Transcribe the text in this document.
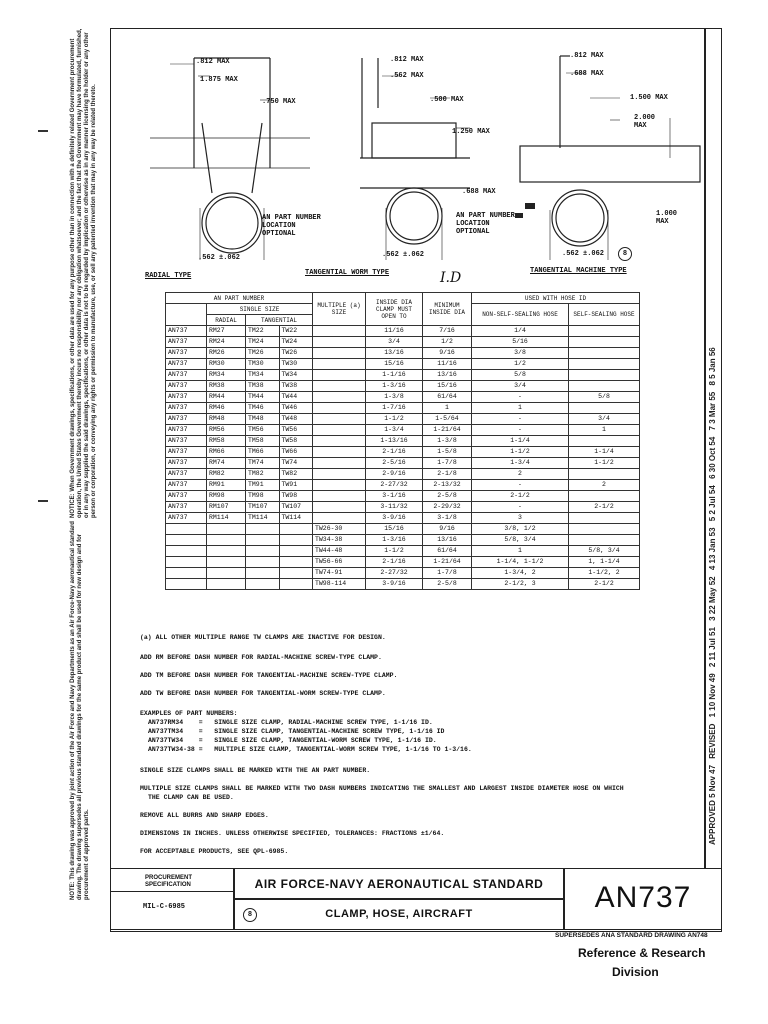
NOTICE: When Government drawings, specifications, or other data are used for any purpose other than in connection with a definitely related Government procurement operation, the United States Government thereby incurs no responsibility nor any obligation whatsoever; and the fact that the Government may have formulated, furnished, or in any way supplied the said drawings, specifications, or other data is not to be regarded by implication or otherwise as in any manner licensing the holder or any other person or corporation, or conveying any rights or permission to manufacture, use, or sell any patented invention that may in any way be related thereto.
NOTE: This drawing was approved by joint action of the Air Force and Navy Departments as an Air Force-Navy aeronautical standard drawing. The drawing supersedes all previous standard drawings for the same product and shall be used for new design and for procurement of approved parts.
APPROVED 5 Nov 47 REVISED 1 10 Nov 49 2 11 Jul 51 3 22 May 52 4 13 Jan 53 5 2 Jul 54 6 30 Oct 54 7 3 Mar 55 8 5 Jan 56
.812 MAX
1.875 MAX
.750 MAX
.562 ±.062
RADIAL TYPE
.812 MAX
.562 MAX
.500 MAX
1.250 MAX
.688 MAX
.562 ±.062
AN PART NUMBER LOCATION OPTIONAL
TANGENTIAL WORM TYPE
.812 MAX
.688 MAX
1.500 MAX
2.000 MAX
1.000 MAX
.562 ±.062	8
AN PART NUMBER LOCATION OPTIONAL
TANGENTIAL MACHINE TYPE
I.D
AN PART NUMBER				MULTIPLE (a) SIZE	INSIDE DIA CLAMP MUST OPEN TO	MINIMUM INSIDE DIA	USED WITH HOSE ID	
	SINGLE SIZE						NON-SELF-SEALING HOSE	SELF-SEALING HOSE
	RADIAL	TANGENTIAL						
AN737	RM27	TM22	TW22		11/16	7/16	1/4	
AN737	RM24	TM24	TW24		3/4	1/2	5/16	
AN737	RM26	TM26	TW26		13/16	9/16	3/8	
AN737	RM30	TM30	TW30		15/16	11/16	1/2	
AN737	RM34	TM34	TW34		1-1/16	13/16	5/8	
AN737	RM38	TM38	TW38		1-3/16	15/16	3/4	
AN737	RM44	TM44	TW44		1-3/8	61/64	-	5/8
AN737	RM46	TM46	TW46		1-7/16	1	1	
AN737	RM48	TM48	TW48		1-1/2	1-5/64	-	3/4
AN737	RM56	TM56	TW56		1-3/4	1-21/64	-	1
AN737	RM58	TM58	TW58		1-13/16	1-3/8	1-1/4	
AN737	RM66	TM66	TW66		2-1/16	1-5/8	1-1/2	1-1/4
AN737	RM74	TM74	TW74		2-5/16	1-7/8	1-3/4	1-1/2
AN737	RM82	TM82	TW82		2-9/16	2-1/8	2	
AN737	RM91	TM91	TW91		2-27/32	2-13/32	-	2
AN737	RM98	TM98	TW98		3-1/16	2-5/8	2-1/2	
AN737	RM107	TM107	TW107		3-11/32	2-29/32	-	2-1/2
AN737	RM114	TM114	TW114		3-9/16	3-1/8	3	
				TW26-30	15/16	9/16	3/8, 1/2	
				TW34-38	1-3/16	13/16	5/8, 3/4	
				TW44-48	1-1/2	61/64	1	5/8, 3/4
				TW56-66	2-1/16	1-21/64	1-1/4, 1-1/2	1, 1-1/4
				TW74-91	2-27/32	1-7/8	1-3/4, 2	1-1/2, 2
				TW98-114	3-9/16	2-5/8	2-1/2, 3	2-1/2
(a) ALL OTHER MULTIPLE RANGE TW CLAMPS ARE INACTIVE FOR DESIGN.
ADD RM BEFORE DASH NUMBER FOR RADIAL-MACHINE SCREW-TYPE CLAMP.
ADD TM BEFORE DASH NUMBER FOR TANGENTIAL-MACHINE SCREW-TYPE CLAMP.
ADD TW BEFORE DASH NUMBER FOR TANGENTIAL-WORM SCREW-TYPE CLAMP.
EXAMPLES OF PART NUMBERS:
AN737RM34    =   SINGLE SIZE CLAMP, RADIAL-MACHINE SCREW TYPE, 1-1/16 ID.
AN737TM34    =   SINGLE SIZE CLAMP, TANGENTIAL-MACHINE SCREW TYPE, 1-1/16 ID
AN737TW34    =   SINGLE SIZE CLAMP, TANGENTIAL-WORM SCREW TYPE, 1-1/16 ID.
AN737TW34-38 =   MULTIPLE SIZE CLAMP, TANGENTIAL-WORM SCREW TYPE, 1-1/16 TO 1-3/16.
SINGLE SIZE CLAMPS SHALL BE MARKED WITH THE AN PART NUMBER.
MULTIPLE SIZE CLAMPS SHALL BE MARKED WITH TWO DASH NUMBERS INDICATING THE SMALLEST AND LARGEST INSIDE DIAMETER HOSE ON WHICH
THE CLAMP CAN BE USED.
REMOVE ALL BURRS AND SHARP EDGES.
DIMENSIONS IN INCHES. UNLESS OTHERWISE SPECIFIED, TOLERANCES: FRACTIONS ±1/64.
FOR ACCEPTABLE PRODUCTS, SEE QPL-6985.
PROCUREMENT SPECIFICATION
MIL-C-6985
AIR FORCE-NAVY AERONAUTICAL STANDARD
8	CLAMP, HOSE, AIRCRAFT	AN737
SUPERSEDES ANA STANDARD DRAWING AN748
Reference & Research
Division
